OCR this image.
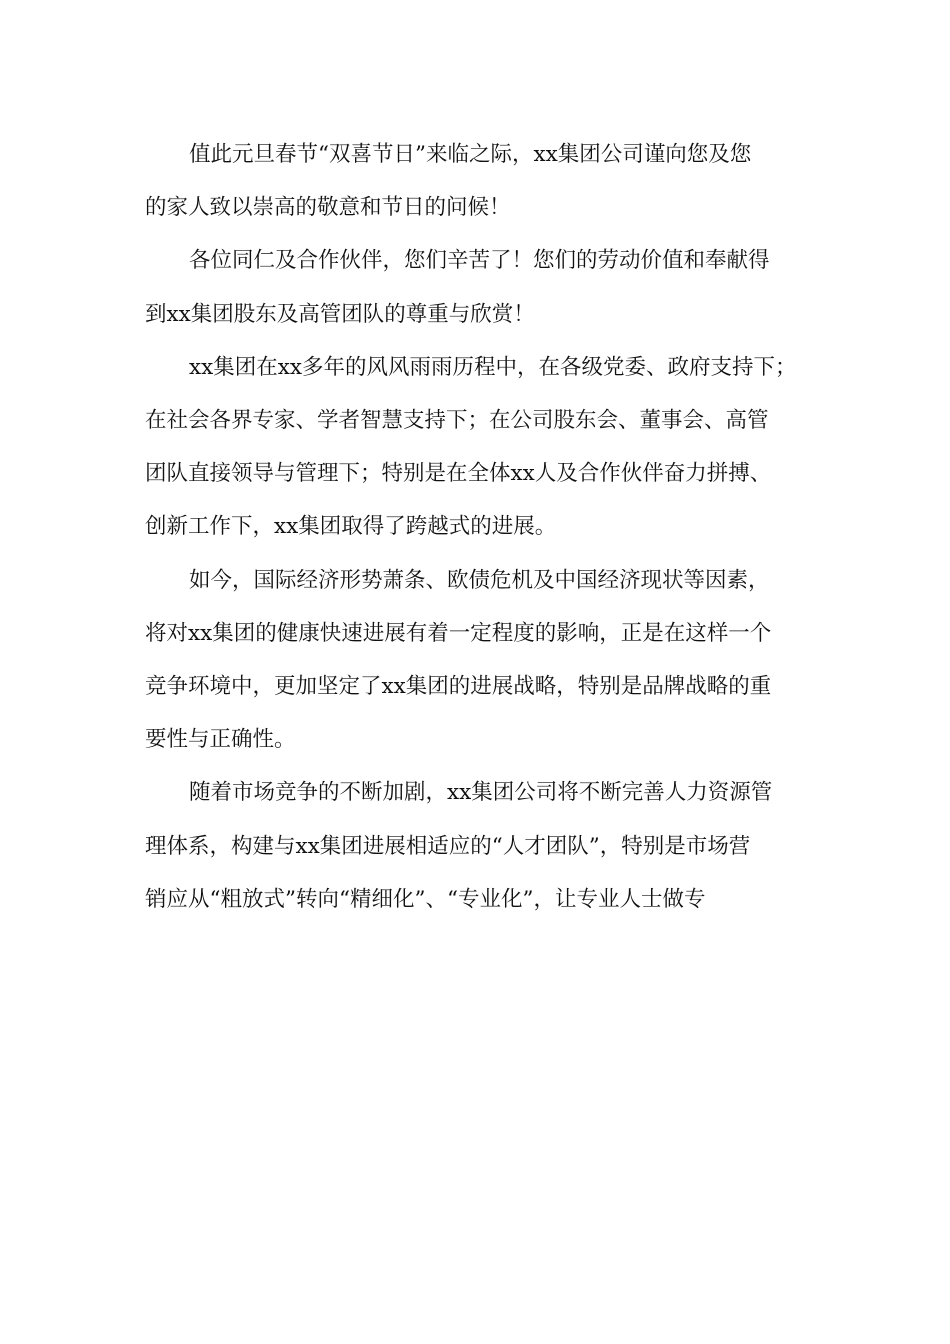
值此元旦春节“双喜节日”来临之际，xx集团公司谨向您及您
的家人致以崇高的敬意和节日的问候！
各位同仁及合作伙伴，您们辛苦了！您们的劳动价值和奉献得
到xx集团股东及高管团队的尊重与欣赏！
xx集团在xx多年的风风雨雨历程中，在各级党委、政府支持下；
在社会各界专家、学者智慧支持下；在公司股东会、董事会、高管
团队直接领导与管理下；特别是在全体xx人及合作伙伴奋力拼搏、
创新工作下，xx集团取得了跨越式的进展。
如今，国际经济形势萧条、欧债危机及中国经济现状等因素，
将对xx集团的健康快速进展有着一定程度的影响，正是在这样一个
竞争环境中，更加坚定了xx集团的进展战略，特别是品牌战略的重
要性与正确性。
随着市场竞争的不断加剧，xx集团公司将不断完善人力资源管
理体系，构建与xx集团进展相适应的“人才团队”，特别是市场营
销应从“粗放式”转向“精细化”、“专业化”，让专业人士做专
